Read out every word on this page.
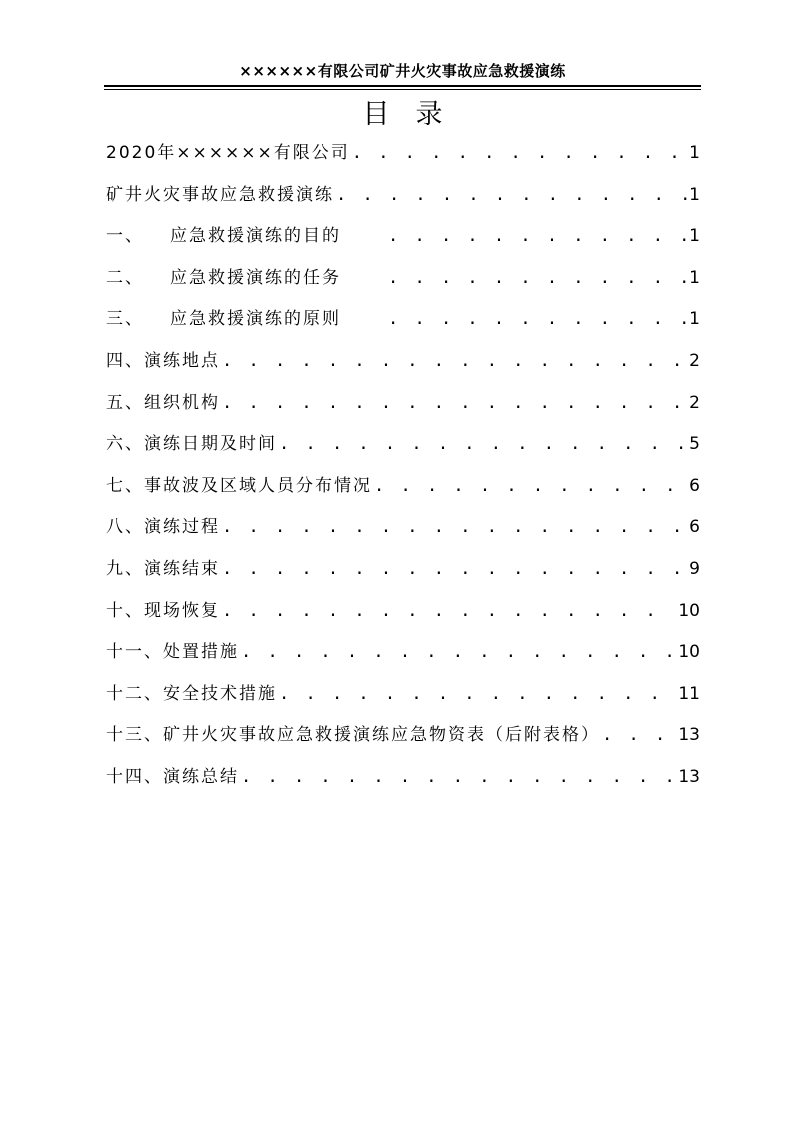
××××××有限公司矿井火灾事故应急救援演练
目录
2020年××××××有限公司 . . .	1
矿井火灾事故应急救援演练 . . .	1
一、	应急救援演练的目的 . . .	1
二、	应急救援演练的任务 . . .	1
三、	应急救援演练的原则 . . .	1
四、 演练地点 . . .	2
五、 组织机构 . . .	2
六、 演练日期及时间 . . .	5
七、 事故波及区域人员分布情况 . . .	6
八、 演练过程 . . .	6
九、 演练结束 . . .	9
十、 现场恢复 . . .	10
十一、 处置措施 . . .	10
十二、 安全技术措施 . . .	11
十三、 矿井火灾事故应急救援演练应急物资表（后附表格） . . .	13
十四、 演练总结 . . .	13
